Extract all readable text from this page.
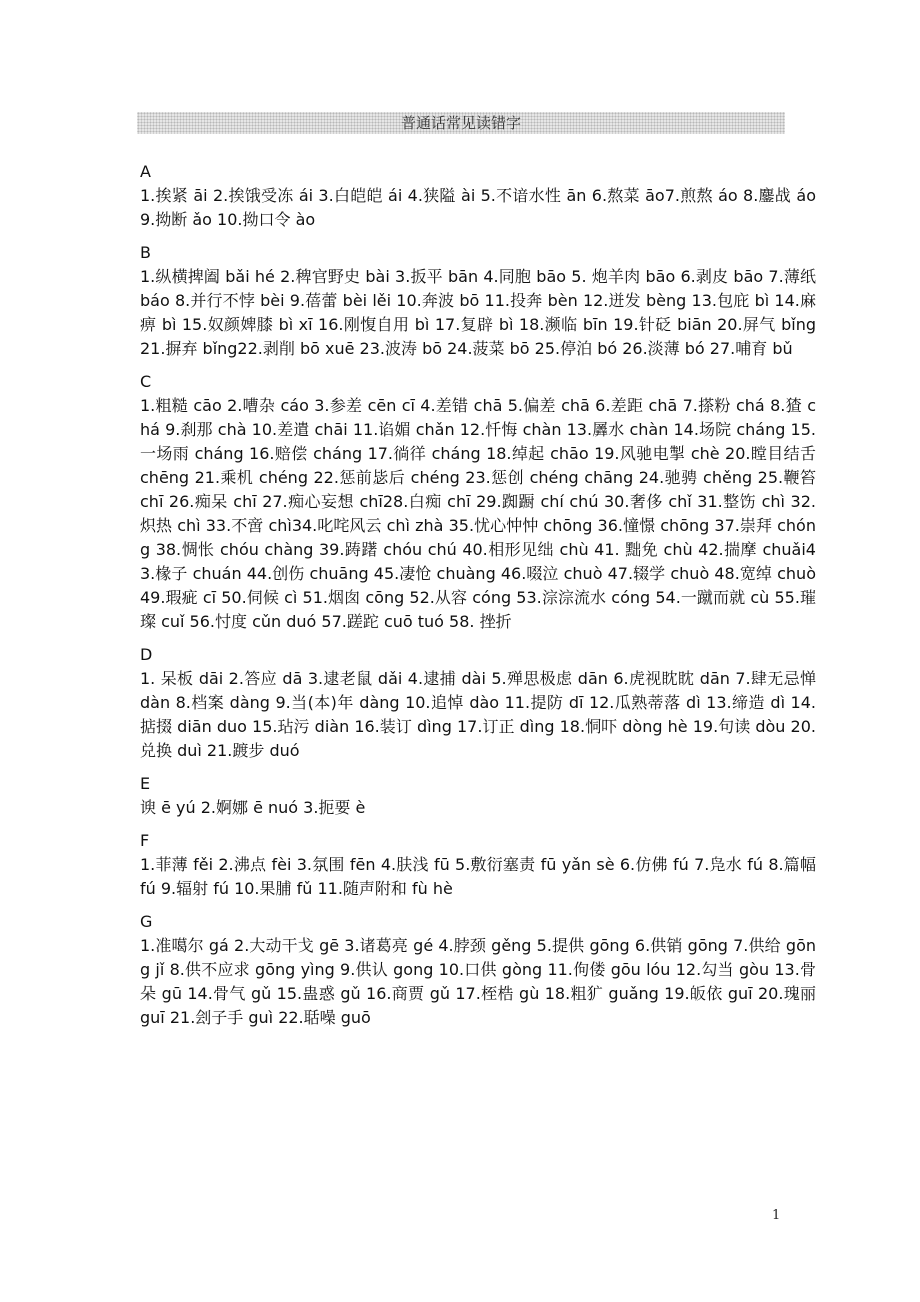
普通话常见读错字
A
1.挨紧 āi 2.挨饿受冻 ái 3.白皑皑 ái 4.狭隘 ài 5.不谙水性 ān 6.熬菜 āo7.煎熬 áo 8.鏖战 áo 9.拗断 ǎo 10.拗口令 ào
B
1.纵横捭阖 bǎi hé 2.稗官野史 bài 3.扳平 bān 4.同胞 bāo 5. 炮羊肉 bāo 6.剥皮 bāo 7.薄纸 báo 8.并行不悖 bèi 9.蓓蕾 bèi lěi 10.奔波 bō 11.投奔 bèn 12.迸发 bèng 13.包庇 bì 14.麻痹 bì 15.奴颜婢膝 bì xī 16.刚愎自用 bì 17.复辟 bì 18.濒临 bīn 19.针砭 biān 20.屏气 bǐng 21.摒弃 bǐng22.剥削 bō xuē 23.波涛 bō 24.菠菜 bō 25.停泊 bó 26.淡薄 bó 27.哺育 bǔ
C
1.粗糙 cāo 2.嘈杂 cáo 3.参差 cēn cī 4.差错 chā 5.偏差 chā 6.差距 chā 7.搽粉 chá 8.猹 chá 9.刹那 chà 10.差遣 chāi 11.谄媚 chǎn 12.忏悔 chàn 13.羼水 chàn 14.场院 cháng 15.一场雨 cháng 16.赔偿 cháng 17.徜徉 cháng 18.绰起 chāo 19.风驰电掣 chè 20.瞠目结舌 chēng 21.乘机 chéng 22.惩前毖后 chéng 23.惩创 chéng chāng 24.驰骋 chěng 25.鞭笞 chī 26.痴呆 chī 27.痴心妄想 chī28.白痴 chī 29.踟蹰 chí chú 30.奢侈 chǐ 31.整饬 chì 32.炽热 chì 33.不啻 chì34.叱咤风云 chì zhà 35.忧心忡忡 chōng 36.憧憬 chōng 37.崇拜 chóng 38.惆怅 chóu chàng 39.踌躇 chóu chú 40.相形见绌 chù 41. 黜免 chù 42.揣摩 chuǎi43.椽子 chuán 44.创伤 chuāng 45.凄怆 chuàng 46.啜泣 chuò 47.辍学 chuò 48.宽绰 chuò 49.瑕疵 cī 50.伺候 cì 51.烟囱 cōng 52.从容 cóng 53.淙淙流水 cóng 54.一蹴而就 cù 55.璀璨 cuǐ 56.忖度 cǔn duó 57.蹉跎 cuō tuó 58. 挫折
D
1. 呆板 dāi 2.答应 dā 3.逮老鼠 dǎi 4.逮捕 dài 5.殚思极虑 dān 6.虎视眈眈 dān 7.肆无忌惮 dàn 8.档案 dàng 9.当(本)年 dàng 10.追悼 dào 11.提防 dī 12.瓜熟蒂落 dì 13.缔造 dì 14.掂掇 diān duo 15.玷污 diàn 16.装订 dìng 17.订正 dìng 18.恫吓 dòng hè 19.句读 dòu 20.兑换 duì 21.踱步 duó
E
谀 ē yú 2.婀娜 ē nuó 3.扼要 è
F
1.菲薄 fěi 2.沸点 fèi 3.氛围 fēn 4.肤浅 fū 5.敷衍塞责 fū yǎn sè 6.仿佛 fú 7.凫水 fú 8.篇幅 fú 9.辐射 fú 10.果脯 fǔ 11.随声附和 fù hè
G
1.准噶尔 gá 2.大动干戈 gē 3.诸葛亮 gé 4.脖颈 gěng 5.提供 gōng 6.供销 gōng 7.供给 gōng jǐ 8.供不应求 gōng yìng 9.供认 gong 10.口供 gòng 11.佝偻 gōu lóu 12.勾当 gòu 13.骨朵 gū 14.骨气 gǔ 15.蛊惑 gǔ 16.商贾 gǔ 17.桎梏 gù 18.粗犷 guǎng 19.皈依 guī 20.瑰丽 guī 21.刽子手 guì 22.聒噪 guō
1
